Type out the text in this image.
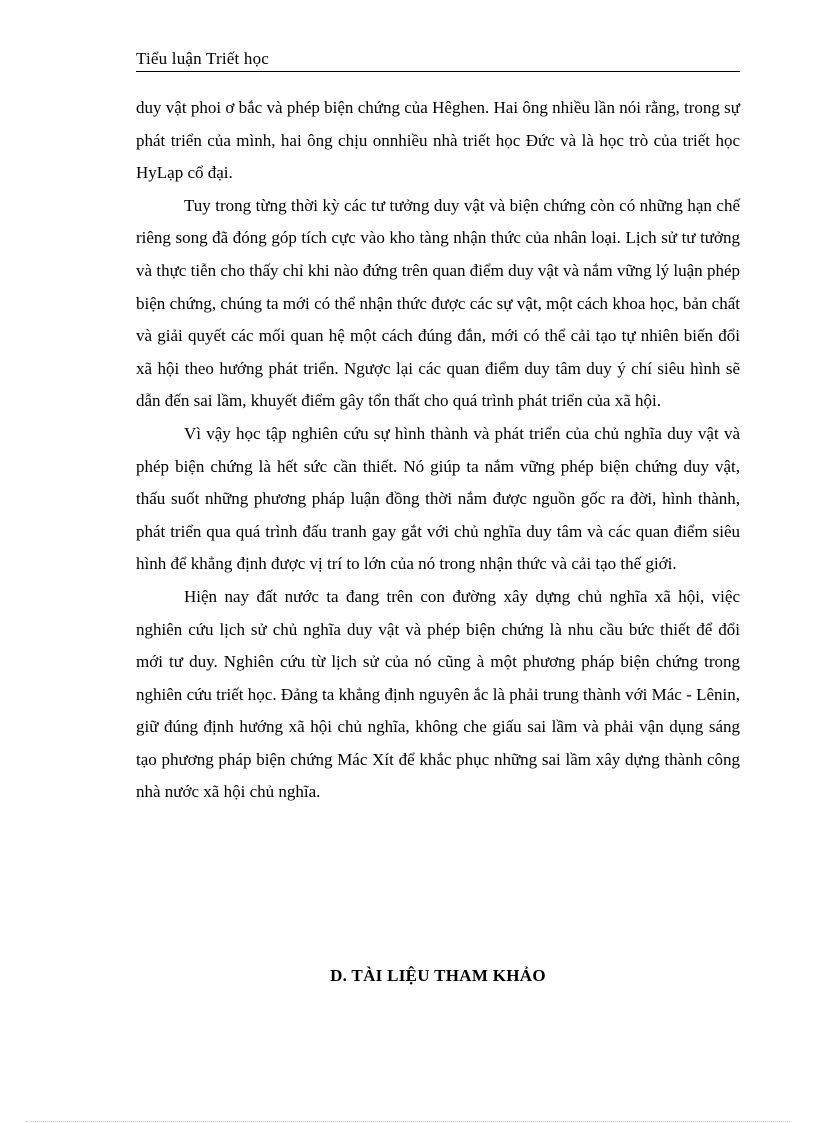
Tiểu luận Triết học

duy vật phoi ơ bắc và phép biện chứng của Hêghen. Hai ông nhiều lần nói rằng, trong sự phát triển của mình, hai ông chịu onnhiều nhà triết học Đức và là học trò của triết học HyLạp cổ đại.

Tuy trong từng thời kỳ các tư tưởng duy vật và biện chứng còn có những hạn chế riêng song đã đóng góp tích cực vào kho tàng nhận thức của nhân loại. Lịch sử tư tưởng và thực tiễn cho thấy chỉ khi nào đứng trên quan điểm duy vật và nắm vững lý luận phép biện chứng, chúng ta mới có thể nhận thức được các sự vật, một cách khoa học, bản chất và giải quyết các mối quan hệ một cách đúng đắn, mới có thể cải tạo tự nhiên biến đổi xã hội theo hướng phát triển. Ngược lại các quan điểm duy tâm duy ý chí siêu hình sẽ dẫn đến sai lầm, khuyết điểm gây tổn thất cho quá trình phát triển của xã hội.

Vì vậy học tập nghiên cứu sự hình thành và phát triển của chủ nghĩa duy vật và phép biện chứng là hết sức cần thiết. Nó giúp ta nắm vững phép biện chứng duy vật, thấu suốt những phương pháp luận đồng thời nắm được nguồn gốc ra đời, hình thành, phát triển qua quá trình đấu tranh gay gắt với chủ nghĩa duy tâm và các quan điểm siêu hình để khẳng định được vị trí to lớn của nó trong nhận thức và cải tạo thế giới.

Hiện nay đất nước ta đang trên con đường xây dựng chủ nghĩa xã hội, việc nghiên cứu lịch sử chủ nghĩa duy vật và phép biện chứng là nhu cầu bức thiết để đổi mới tư duy. Nghiên cứu từ lịch sử của nó cũng à một phương pháp biện chứng trong nghiên cứu triết học. Đảng ta khẳng định nguyên ắc là phải trung thành với Mác - Lênin, giữ đúng định hướng xã hội chủ nghĩa, không che giấu sai lầm và phải vận dụng sáng tạo phương pháp biện chứng Mác Xít để khắc phục những sai lầm xây dựng thành công nhà nước xã hội chủ nghĩa.

D. TÀI LIỆU THAM KHẢO
